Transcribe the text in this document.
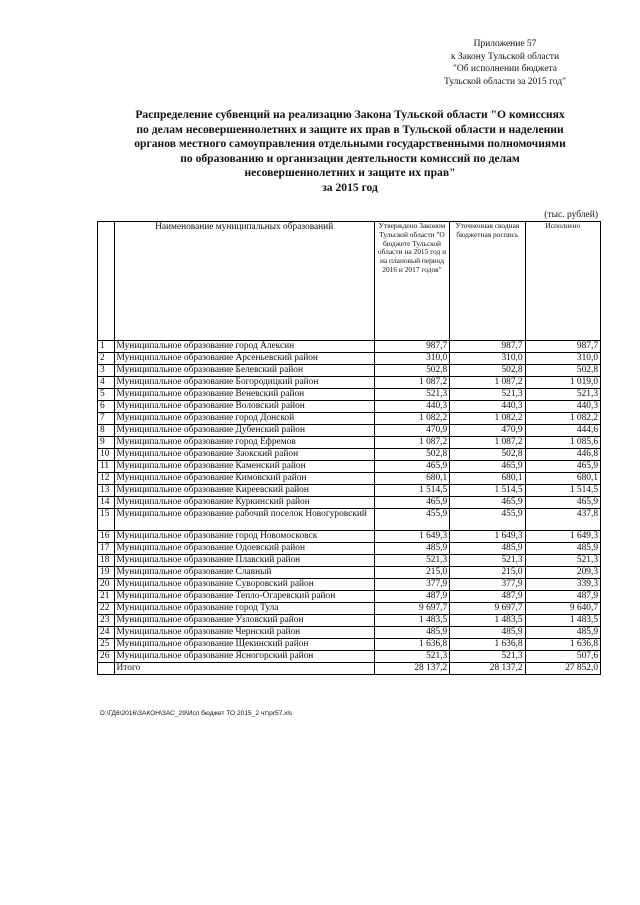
Приложение 57
к Закону Тульской области
"Об исполнении бюджета
Тульской области за 2015 год"
Распределение субвенций на реализацию Закона Тульской области "О комиссиях
по делам несовершеннолетних и защите их прав в Тульской области и наделении
органов местного самоуправления отдельными государственными полномочиями
по образованию и организации деятельности комиссий по делам
несовершеннолетних и защите их прав"
за 2015 год
(тыс. рублей)
	Наименование муниципальных образований	Утверждено Законом Тульской области "О бюджете Тульской области на 2015 год и на плановый период 2016 и 2017 годов"	Уточненная сводная бюджетная роспись	Исполнено
1	Муниципальное образование город Алексин	987,7	987,7	987,7
2	Муниципальное образование Арсеньевский район	310,0	310,0	310,0
3	Муниципальное образование Белевский район	502,8	502,8	502,8
4	Муниципальное образование Богородицкий район	1 087,2	1 087,2	1 019,0
5	Муниципальное образование Веневский район	521,3	521,3	521,3
6	Муниципальное образование Воловский район	440,3	440,3	440,3
7	Муниципальное образование город Донской	1 082,2	1 082,2	1 082,2
8	Муниципальное образование Дубенский район	470,9	470,9	444,6
9	Муниципальное образование город Ефремов	1 087,2	1 087,2	1 085,6
10	Муниципальное образование Заокский район	502,8	502,8	446,8
11	Муниципальное образование Каменский район	465,9	465,9	465,9
12	Муниципальное образование Кимовский район	680,1	680,1	680,1
13	Муниципальное образование Киреевский район	1 514,5	1 514,5	1 514,5
14	Муниципальное образование Куркинский район	465,9	465,9	465,9
15	Муниципальное образование рабочий поселок Новогуровский	455,9	455,9	437,8
16	Муниципальное образование город Новомосковск	1 649,3	1 649,3	1 649,3
17	Муниципальное образование Одоевский район	485,9	485,9	485,9
18	Муниципальное образование Плавский район	521,3	521,3	521,3
19	Муниципальное образование Славный	215,0	215,0	209,3
20	Муниципальное образование Суворовский район	377,9	377,9	339,3
21	Муниципальное образование Тепло-Огаревский район	487,9	487,9	487,9
22	Муниципальное образование город Тула	9 697,7	9 697,7	9 640,7
23	Муниципальное образование Узловский район	1 483,5	1 483,5	1 483,5
24	Муниципальное образование Чернский район	485,9	485,9	485,9
25	Муниципальное образование Щекинский район	1 636,8	1 636,8	1 636,8
26	Муниципальное образование Ясногорский район	521,3	521,3	507,6
	Итого	28 137,2	28 137,2	27 852,0
D:\ГД6\2016\ЗАКОН\ЗАС_29\Исп бюджет ТО 2015_2 чт\pr57.xls
